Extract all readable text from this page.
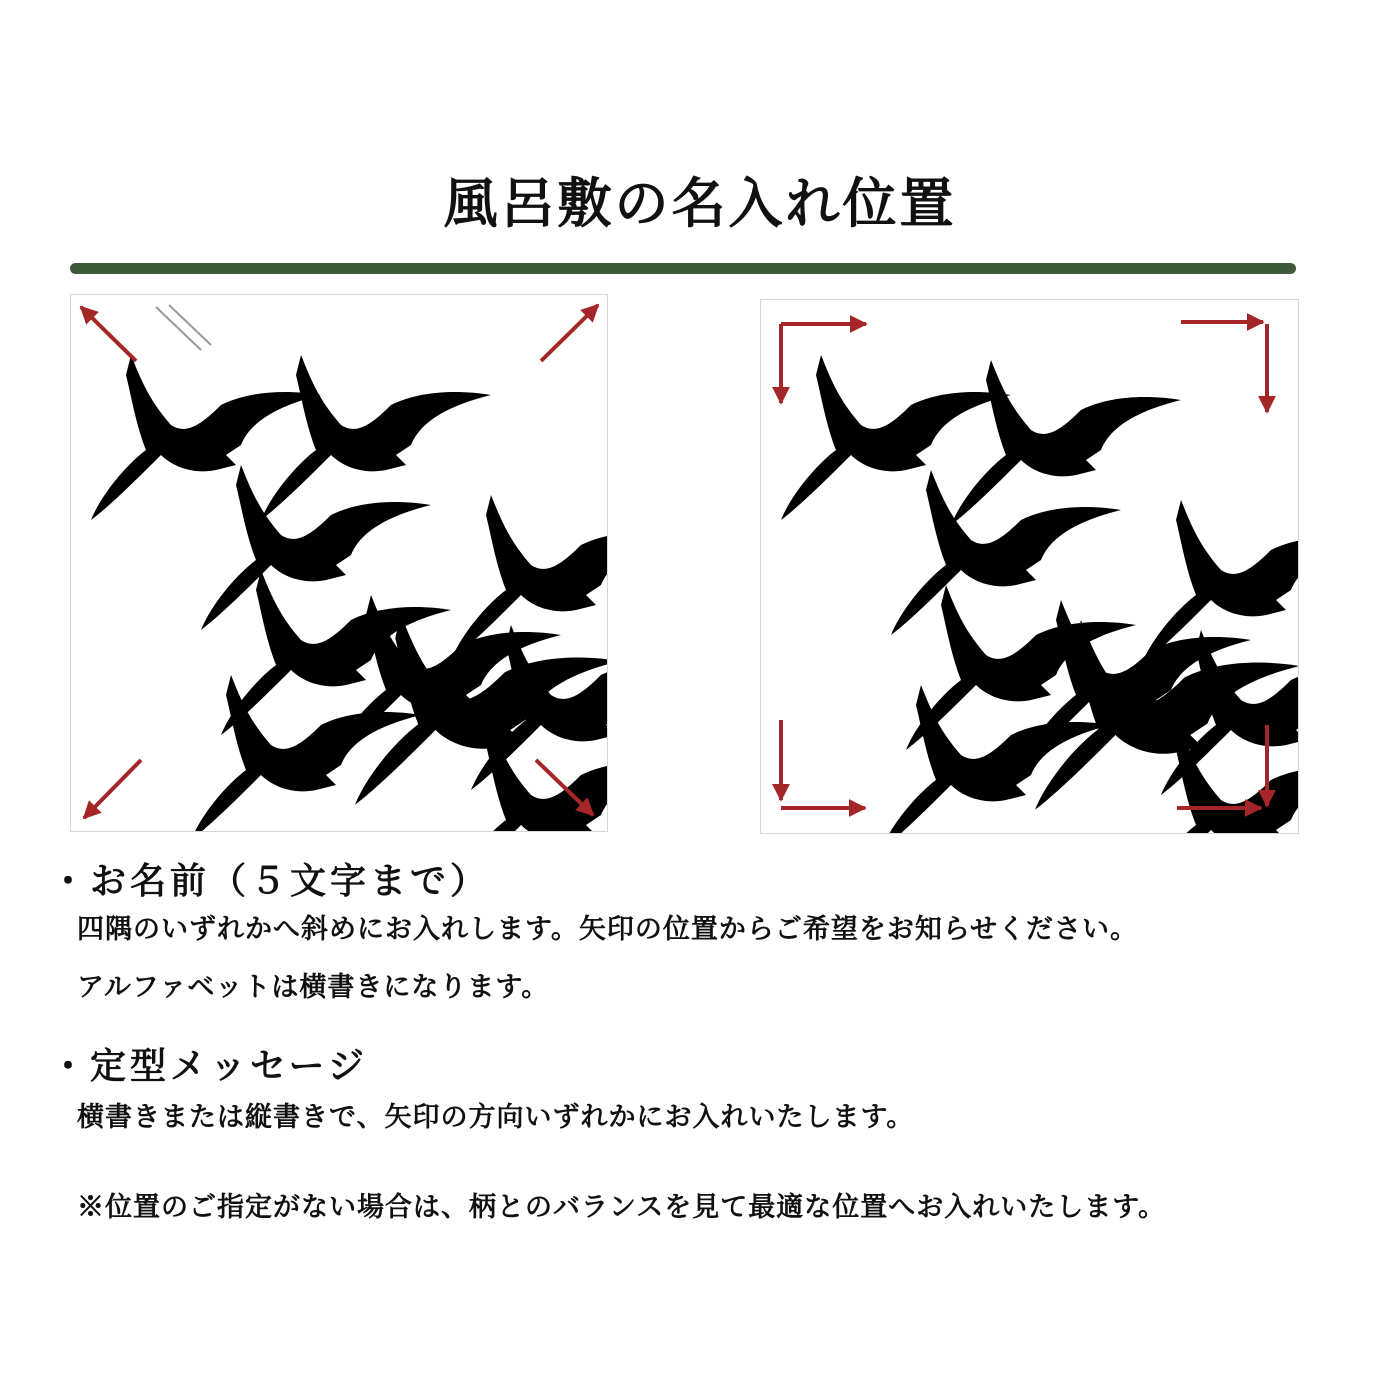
風呂敷の名入れ位置
・お名前（５文字まで）
四隅のいずれかへ斜めにお入れします。矢印の位置からご希望をお知らせください。
アルファベットは横書きになります。
・定型メッセージ
横書きまたは縦書きで、矢印の方向いずれかにお入れいたします。
※位置のご指定がない場合は、柄とのバランスを見て最適な位置へお入れいたします。
